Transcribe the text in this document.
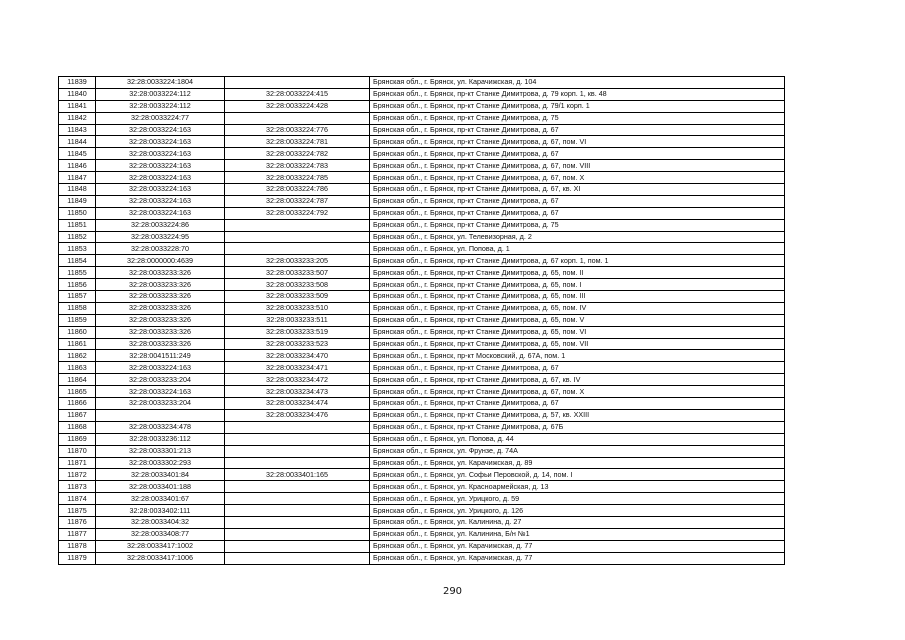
11839	32:28:0033224:1804		Брянская обл., г. Брянск, ул. Карачижская, д. 104
11840	32:28:0033224:112	32:28:0033224:415	Брянская обл., г. Брянск, пр-кт Станке Димитрова, д. 79 корп. 1, кв. 48
11841	32:28:0033224:112	32:28:0033224:428	Брянская обл., г. Брянск, пр-кт Станке Димитрова, д. 79/1 корп. 1
11842	32:28:0033224:77		Брянская обл., г. Брянск, пр-кт Станке Димитрова, д. 75
11843	32:28:0033224:163	32:28:0033224:776	Брянская обл., г. Брянск, пр-кт Станке Димитрова, д. 67
11844	32:28:0033224:163	32:28:0033224:781	Брянская обл., г. Брянск, пр-кт Станке Димитрова, д. 67, пом. VI
11845	32:28:0033224:163	32:28:0033224:782	Брянская обл., г. Брянск, пр-кт Станке Димитрова, д. 67
11846	32:28:0033224:163	32:28:0033224:783	Брянская обл., г. Брянск, пр-кт Станке Димитрова, д. 67, пом. VIII
11847	32:28:0033224:163	32:28:0033224:785	Брянская обл., г. Брянск, пр-кт Станке Димитрова, д. 67, пом. X
11848	32:28:0033224:163	32:28:0033224:786	Брянская обл., г. Брянск, пр-кт Станке Димитрова, д. 67, кв. XI
11849	32:28:0033224:163	32:28:0033224:787	Брянская обл., г. Брянск, пр-кт Станке Димитрова, д. 67
11850	32:28:0033224:163	32:28:0033224:792	Брянская обл., г. Брянск, пр-кт Станке Димитрова, д. 67
11851	32:28:0033224:86		Брянская обл., г. Брянск, пр-кт Станке Димитрова, д. 75
11852	32:28:0033224:95		Брянская обл., г. Брянск, ул. Телевизорная, д. 2
11853	32:28:0033228:70		Брянская обл., г. Брянск, ул. Попова, д. 1
11854	32:28:0000000:4639	32:28:0033233:205	Брянская обл., г. Брянск, пр-кт Станке Димитрова, д. 67 корп. 1, пом. 1
11855	32:28:0033233:326	32:28:0033233:507	Брянская обл., г. Брянск, пр-кт Станке Димитрова, д. 65, пом. II
11856	32:28:0033233:326	32:28:0033233:508	Брянская обл., г. Брянск, пр-кт Станке Димитрова, д. 65, пом. I
11857	32:28:0033233:326	32:28:0033233:509	Брянская обл., г. Брянск, пр-кт Станке Димитрова, д. 65, пом. III
11858	32:28:0033233:326	32:28:0033233:510	Брянская обл., г. Брянск, пр-кт Станке Димитрова, д. 65, пом. IV
11859	32:28:0033233:326	32:28:0033233:511	Брянская обл., г. Брянск, пр-кт Станке Димитрова, д. 65, пом. V
11860	32:28:0033233:326	32:28:0033233:519	Брянская обл., г. Брянск, пр-кт Станке Димитрова, д. 65, пом. VI
11861	32:28:0033233:326	32:28:0033233:523	Брянская обл., г. Брянск, пр-кт Станке Димитрова, д. 65, пом. VII
11862	32:28:0041511:249	32:28:0033234:470	Брянская обл., г. Брянск, пр-кт Московский, д. 67А, пом. 1
11863	32:28:0033224:163	32:28:0033234:471	Брянская обл., г. Брянск, пр-кт Станке Димитрова, д. 67
11864	32:28:0033233:204	32:28:0033234:472	Брянская обл., г. Брянск, пр-кт Станке Димитрова, д. 67, кв. IV
11865	32:28:0033224:163	32:28:0033234:473	Брянская обл., г. Брянск, пр-кт Станке Димитрова, д. 67, пом. X
11866	32:28:0033233:204	32:28:0033234:474	Брянская обл., г. Брянск, пр-кт Станке Димитрова, д. 67
11867		32:28:0033234:476	Брянская обл., г. Брянск, пр-кт Станке Димитрова, д. 57, кв. XXIII
11868	32:28:0033234:478		Брянская обл., г. Брянск, пр-кт Станке Димитрова, д. 67Б
11869	32:28:0033236:112		Брянская обл., г. Брянск, ул. Попова, д. 44
11870	32:28:0033301:213		Брянская обл., г. Брянск, ул. Фрунзе, д. 74А
11871	32:28:0033302:293		Брянская обл., г. Брянск, ул. Карачижская, д. 89
11872	32:28:0033401:84	32:28:0033401:165	Брянская обл., г. Брянск, ул. Софьи Перовской, д. 14, пом. I
11873	32:28:0033401:188		Брянская обл., г. Брянск, ул. Красноармейская, д. 13
11874	32:28:0033401:67		Брянская обл., г. Брянск, ул. Урицкого, д. 59
11875	32:28:0033402:111		Брянская обл., г. Брянск, ул. Урицкого, д. 126
11876	32:28:0033404:32		Брянская обл., г. Брянск, ул. Калинина, д. 27
11877	32:28:0033408:77		Брянская обл., г. Брянск, ул. Калинина, Б/н №1
11878	32:28:0033417:1002		Брянская обл., г. Брянск, ул. Карачижская, д. 77
11879	32:28:0033417:1006		Брянская обл., г. Брянск, ул. Карачижская, д. 77
290
